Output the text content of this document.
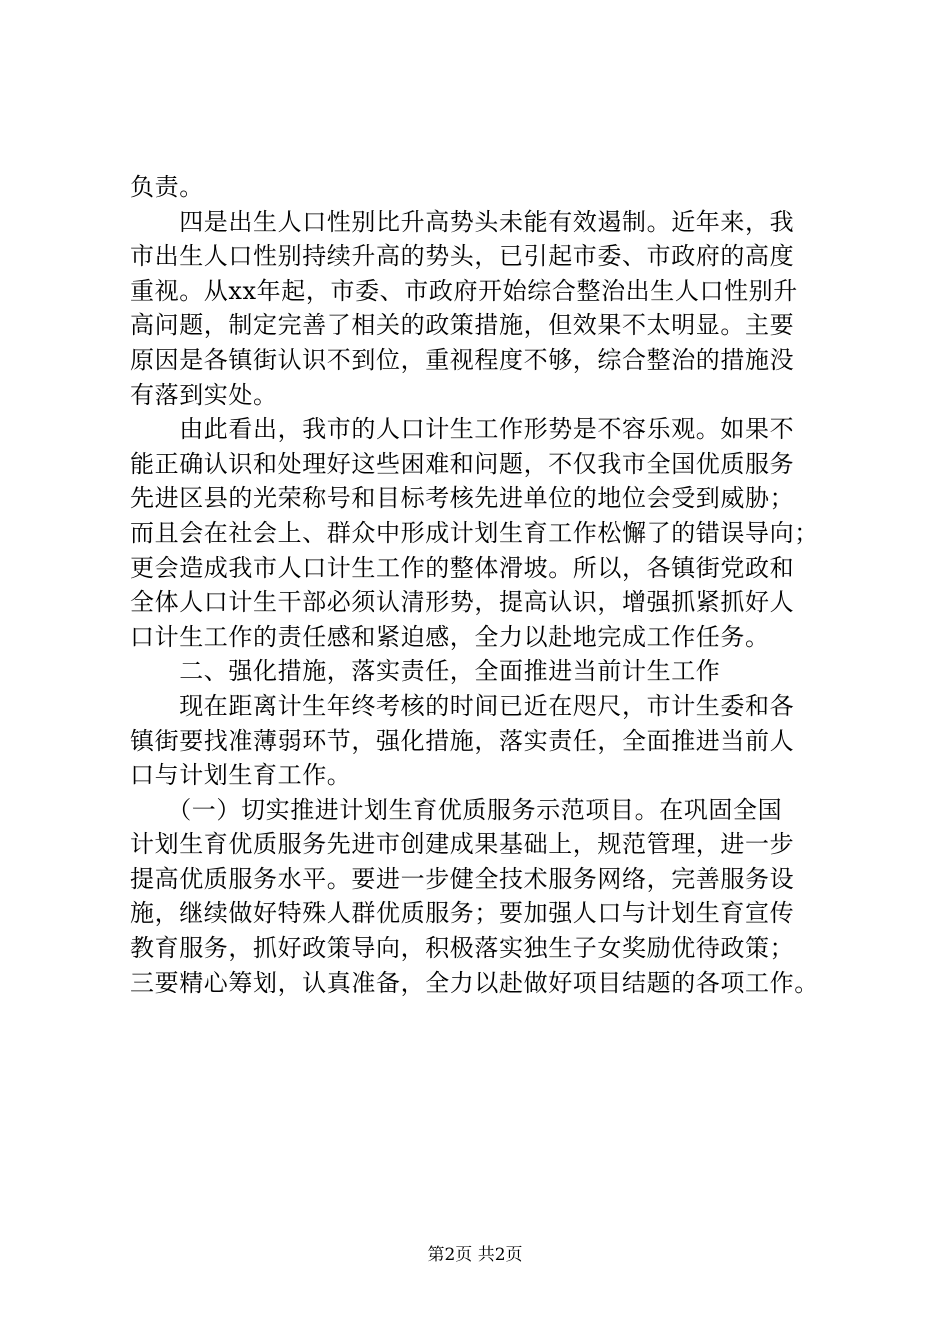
负责。
　　四是出生人口性别比升高势头未能有效遏制。近年来，我
市出生人口性别持续升高的势头，已引起市委、市政府的高度
重视。从xx年起，市委、市政府开始综合整治出生人口性别升
高问题，制定完善了相关的政策措施，但效果不太明显。主要
原因是各镇街认识不到位，重视程度不够，综合整治的措施没
有落到实处。
　　由此看出，我市的人口计生工作形势是不容乐观。如果不
能正确认识和处理好这些困难和问题，不仅我市全国优质服务
先进区县的光荣称号和目标考核先进单位的地位会受到威胁；
而且会在社会上、群众中形成计划生育工作松懈了的错误导向；
更会造成我市人口计生工作的整体滑坡。所以，各镇街党政和
全体人口计生干部必须认清形势，提高认识，增强抓紧抓好人
口计生工作的责任感和紧迫感，全力以赴地完成工作任务。
　　二、强化措施，落实责任，全面推进当前计生工作
　　现在距离计生年终考核的时间已近在咫尺，市计生委和各
镇街要找准薄弱环节，强化措施，落实责任，全面推进当前人
口与计划生育工作。
　　（一）切实推进计划生育优质服务示范项目。在巩固全国
计划生育优质服务先进市创建成果基础上，规范管理，进一步
提高优质服务水平。要进一步健全技术服务网络，完善服务设
施，继续做好特殊人群优质服务；要加强人口与计划生育宣传
教育服务，抓好政策导向，积极落实独生子女奖励优待政策；
三要精心筹划，认真准备，全力以赴做好项目结题的各项工作。
第2页 共2页
